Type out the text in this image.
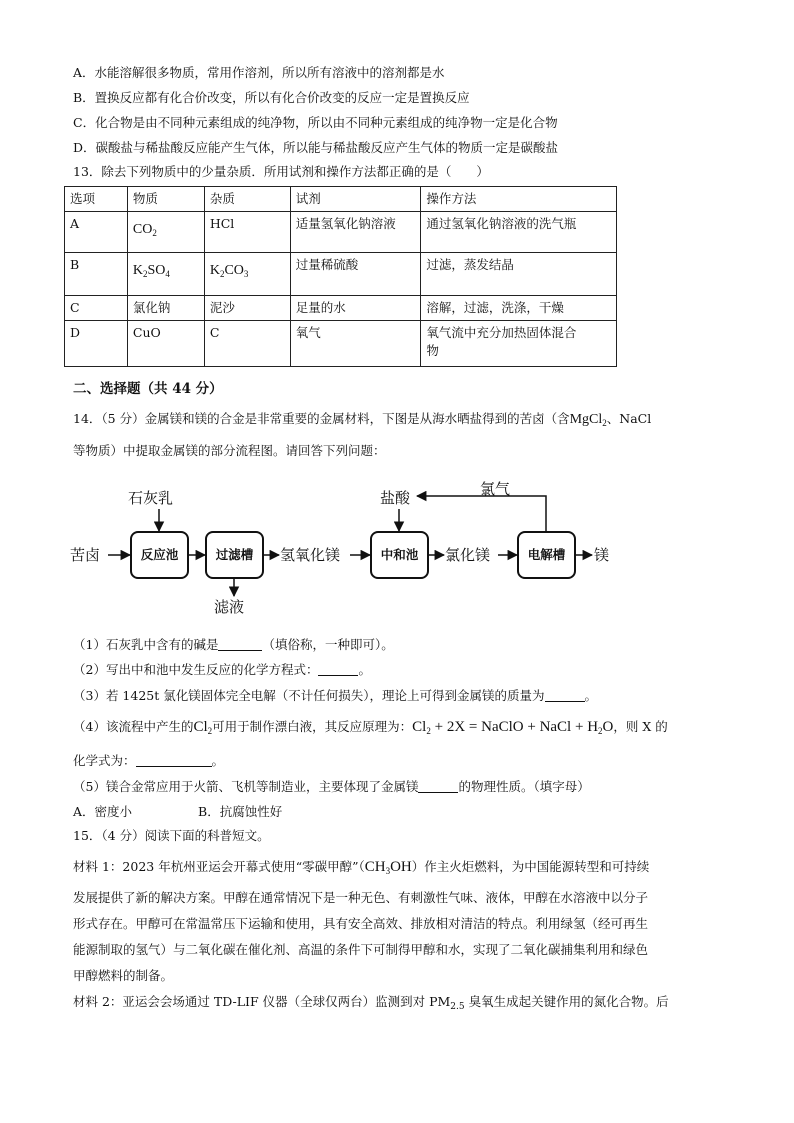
A．水能溶解很多物质，常用作溶剂，所以所有溶液中的溶剂都是水
B．置换反应都有化合价改变，所以有化合价改变的反应一定是置换反应
C．化合物是由不同种元素组成的纯净物，所以由不同种元素组成的纯净物一定是化合物
D．碳酸盐与稀盐酸反应能产生气体，所以能与稀盐酸反应产生气体的物质一定是碳酸盐
13．除去下列物质中的少量杂质．所用试剂和操作方法都正确的是（　　）
选项	物质	杂质	试剂	操作方法
A	$CO_2$	HCl	适量氢氧化钠溶液	通过氢氧化钠溶液的洗气瓶
B	$K_2SO_4$	$K_2CO_3$	过量稀硫酸	过滤，蒸发结晶
C	氯化钠	泥沙	足量的水	溶解，过滤，洗涤，干燥
D	CuO	C	氧气	氧气流中充分加热固体混合
物
二、选择题（共 44 分）
14．（5 分）金属镁和镁的合金是非常重要的金属材料，下图是从海水晒盐得到的苦卤（含MgCl$_2$、NaCl
等物质）中提取金属镁的部分流程图。请回答下列问题：
苦卤
石灰乳
滤液
氢氧化镁
盐酸	氯气
氯化镁	镁
反应池	过滤槽	中和池	电解槽
（1）石灰乳中含有的碱是	（填俗称，一种即可）。
（2）写出中和池中发生反应的化学方程式：	。
（3）若 1425t 氯化镁固体完全电解（不计任何损失），理论上可得到金属镁的质量为	。
（4）该流程中产生的$Cl_2$可用于制作漂白液，其反应原理为：$Cl_2 + 2X$ = NaClO + NaCl + $H_2O$，则 X 的
化学式为：	。
（5）镁合金常应用于火箭、飞机等制造业，主要体现了金属镁	的物理性质。（填字母）
A．密度小	B．抗腐蚀性好
15．（4 分）阅读下面的科普短文。
材料 1：2023 年杭州亚运会开幕式使用“零碳甲醇$”(CH_3OH)$作主火炬燃料，为中国能源转型和可持续
发展提供了新的解决方案。甲醇在通常情况下是一种无色、有刺激性气味、液体，甲醇在水溶液中以分子
形式存在。甲醇可在常温常压下运输和使用，具有安全高效、排放相对清洁的特点。利用绿氢（经可再生
能源制取的氢气）与二氧化碳在催化剂、高温的条件下可制得甲醇和水，实现了二氧化碳捕集利用和绿色
甲醇燃料的制备。
材料 2：亚运会会场通过 TD-LIF 仪器（全球仅两台）监测到对 $PM_{2.5}$ 臭氧生成起关键作用的氮化合物。后
